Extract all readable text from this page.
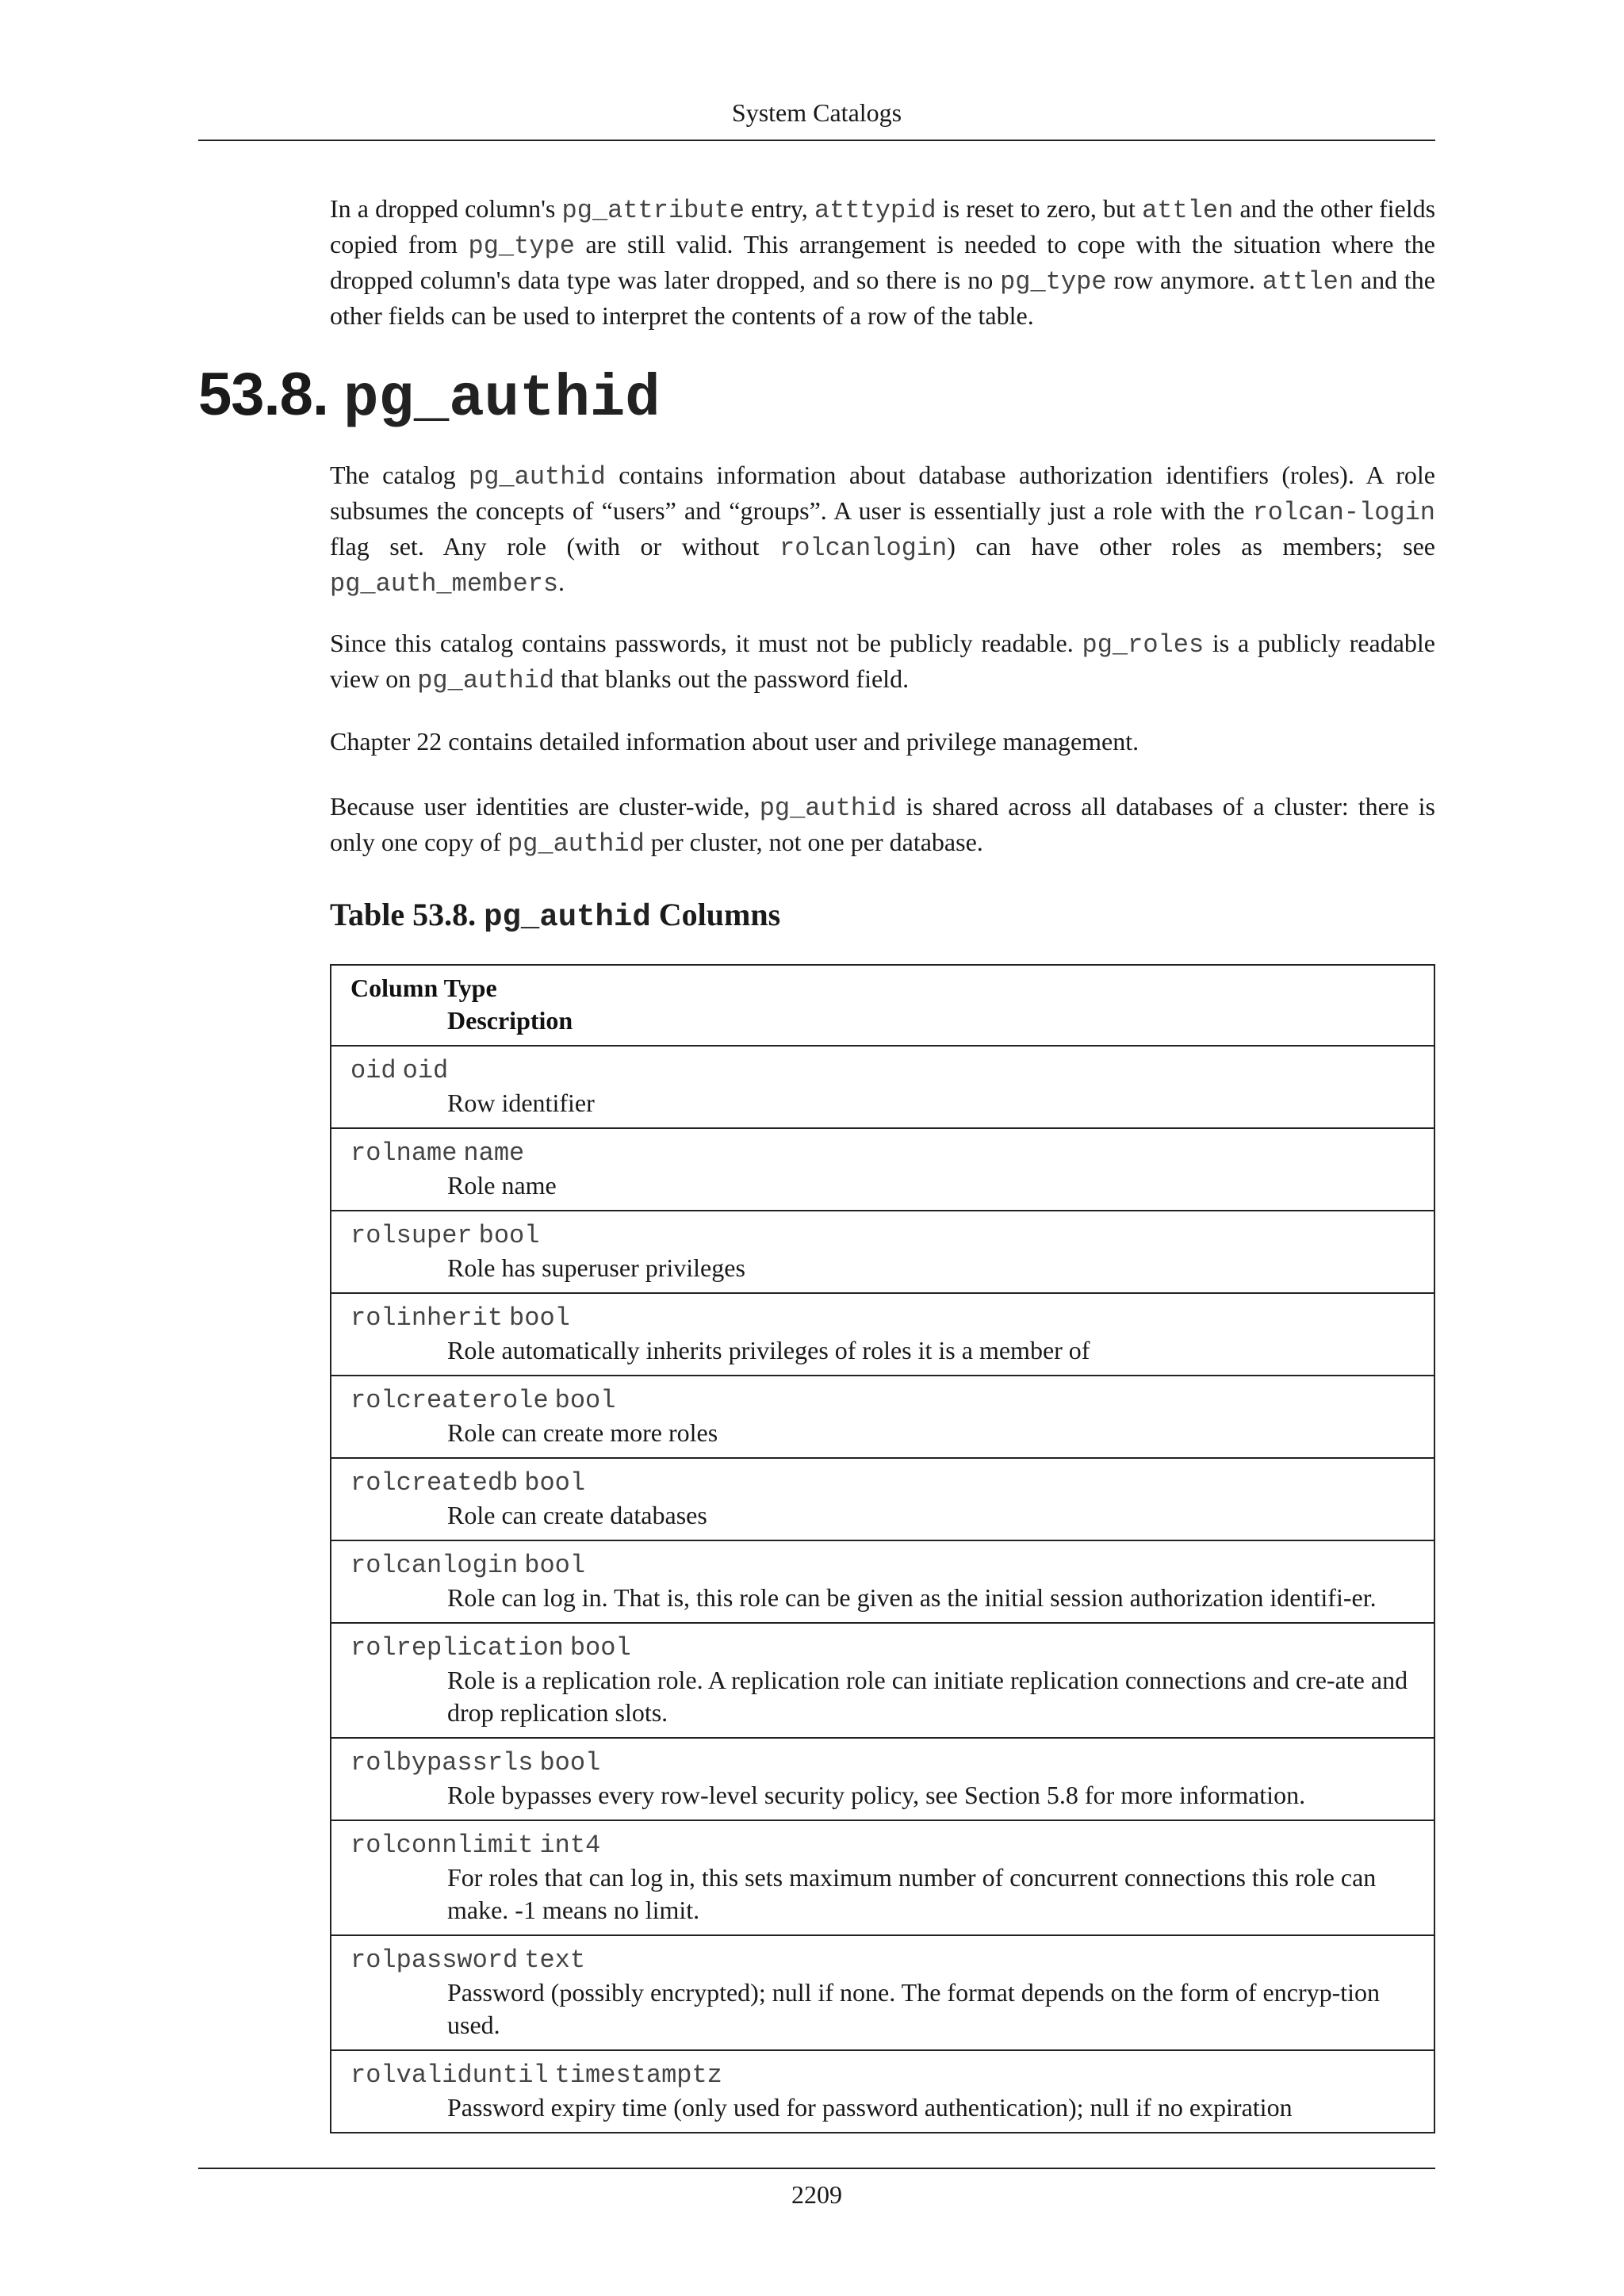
System Catalogs

In a dropped column's pg_attribute entry, atttypid is reset to zero, but attlen and the other fields copied from pg_type are still valid. This arrangement is needed to cope with the situation where the dropped column's data type was later dropped, and so there is no pg_type row anymore. attlen and the other fields can be used to interpret the contents of a row of the table.

53.8. pg_authid

The catalog pg_authid contains information about database authorization identifiers (roles). A role subsumes the concepts of “users” and “groups”. A user is essentially just a role with the rolcan-login flag set. Any role (with or without rolcanlogin) can have other roles as members; see pg_auth_members.

Since this catalog contains passwords, it must not be publicly readable. pg_roles is a publicly readable view on pg_authid that blanks out the password field.

Chapter 22 contains detailed information about user and privilege management.

Because user identities are cluster-wide, pg_authid is shared across all databases of a cluster: there is only one copy of pg_authid per cluster, not one per database.

Table 53.8. pg_authid Columns
Column Type
Description
oid oid
Row identifier
rolname name
Role name
rolsuper bool
Role has superuser privileges
rolinherit bool
Role automatically inherits privileges of roles it is a member of
rolcreaterole bool
Role can create more roles
rolcreatedb bool
Role can create databases
rolcanlogin bool
Role can log in. That is, this role can be given as the initial session authorization identifi-er.
rolreplication bool
Role is a replication role. A replication role can initiate replication connections and cre-ate and drop replication slots.
rolbypassrls bool
Role bypasses every row-level security policy, see Section 5.8 for more information.
rolconnlimit int4
For roles that can log in, this sets maximum number of concurrent connections this role can make. -1 means no limit.
rolpassword text
Password (possibly encrypted); null if none. The format depends on the form of encryp-tion used.
rolvaliduntil timestamptz
Password expiry time (only used for password authentication); null if no expiration
2209
